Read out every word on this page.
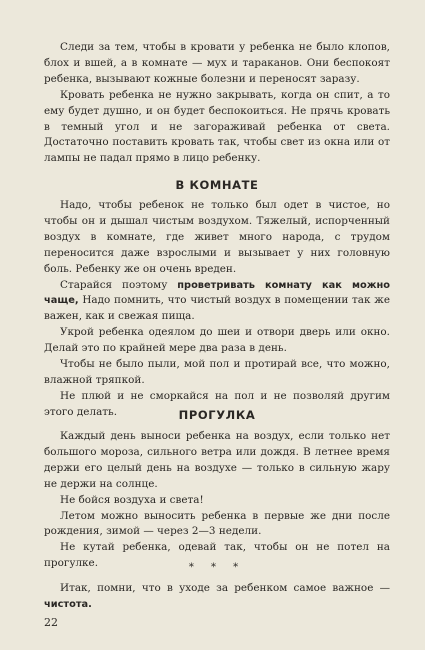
Следи за тем, чтобы в кровати у ребенка не было клопов, блох и вшей, а в комнате — мух и тараканов. Они беспокоят ребенка, вызывают кожные болезни и переносят заразу.

Кровать ребенка не нужно закрывать, когда он спит, а то ему будет душно, и он будет беспокоиться. Не прячь кровать в темный угол и не загораживай ребенка от света. Достаточно поставить кровать так, чтобы свет из окна или от лампы не падал прямо в лицо ребенку.

В КОМНАТЕ

Надо, чтобы ребенок не только был одет в чистое, но чтобы он и дышал чистым воздухом. Тяжелый, испорченный воздух в комнате, где живет много народа, с трудом переносится даже взрослыми и вызывает у них головную боль. Ребенку же он очень вреден.

Старайся поэтому проветривать комнату как можно чаще, Надо помнить, что чистый воздух в помещении так же важен, как и свежая пища.

Укрой ребенка одеялом до шеи и отвори дверь или окно. Делай это по крайней мере два раза в день.

Чтобы не было пыли, мой пол и протирай все, что можно, влажной тряпкой.

Не плюй и не сморкайся на пол и не позволяй другим этого делать.	ПРОГУЛКА

Каждый день выноси ребенка на воздух, если только нет большого мороза, сильного ветра или дождя. В летнее время держи его целый день на воздухе — только в сильную жару не держи на солнце.

Не бойся воздуха и света!

Летом можно выносить ребенка в первые же дни после рождения, зимой — через 2—3 недели.

Не кутай ребенка, одевай так, чтобы он не потел на прогулке.	* * *

Итак, помни, что в уходе за ребенком самое важное — чистота.

22
